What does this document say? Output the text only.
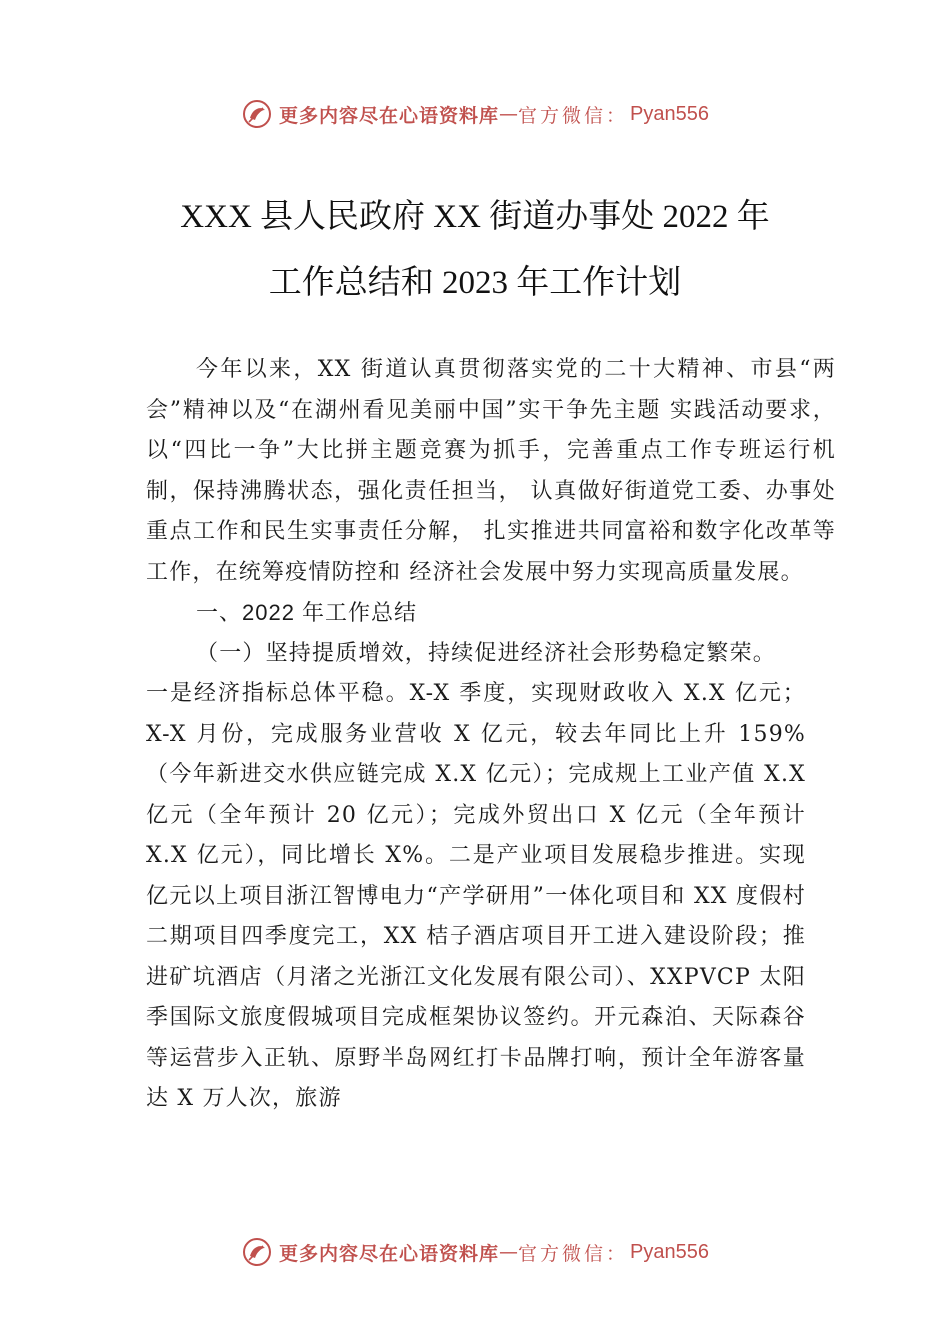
更多内容尽在心语资料库 — 官方微信： Pyan556
XXX 县人民政府 XX 街道办事处 2022 年
工作总结和 2023 年工作计划

今年以来，XX 街道认真贯彻落实党的二十大精神、市县“两会”精神以及“在湖州看见美丽中国”实干争先主题 实践活动要求，以“四比一争”大比拼主题竞赛为抓手，完善重点工作专班运行机制，保持沸腾状态，强化责任担当， 认真做好街道党工委、办事处重点工作和民生实事责任分解， 扎实推进共同富裕和数字化改革等工作，在统筹疫情防控和 经济社会发展中努力实现高质量发展。

一、2022 年工作总结

（一）坚持提质增效，持续促进经济社会形势稳定繁荣。

一是经济指标总体平稳。X-X 季度，实现财政收入 X.X 亿元；X-X 月份，完成服务业营收 X 亿元，较去年同比上升 159%（今年新进交水供应链完成 X.X 亿元）；完成规上工业产值 X.X 亿元（全年预计 20 亿元）；完成外贸出口 X 亿元（全年预计 X.X 亿元），同比增长 X%。二是产业项目发展稳步推进。实现亿元以上项目浙江智博电力“产学研用”一体化项目和 XX 度假村二期项目四季度完工，XX 桔子酒店项目开工进入建设阶段；推进矿坑酒店（月渚之光浙江文化发展有限公司）、XXPVCP 太阳季国际文旅度假城项目完成框架协议签约。开元森泊、天际森谷等运营步入正轨、原野半岛网红打卡品牌打响，预计全年游客量达 X 万人次，旅游

更多内容尽在心语资料库 — 官方微信： Pyan556
